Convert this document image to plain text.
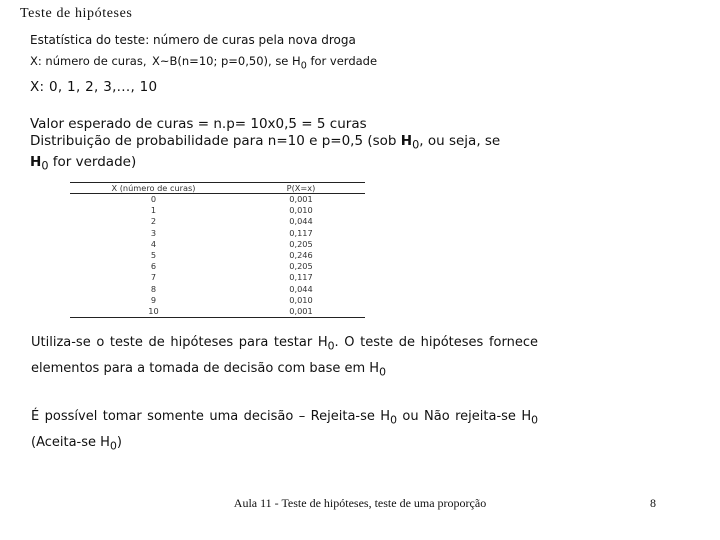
Teste de hipóteses
Estatística do teste: número de curas pela nova droga
X: número de curas, X~B(n=10; p=0,50), se $H_0$ for verdade
X: 0, 1, 2, 3,..., 10
Valor esperado de curas = n.p= 10x0,5 = 5 curas
Distribuição de probabilidade para n=10 e p=0,5 (sob $H_0$, ou seja, se $H_0$ for verdade)
X (número de curas)	P(X=x)
0	0,001
1	0,010
2	0,044
3	0,117
4	0,205
5	0,246
6	0,205
7	0,117
8	0,044
9	0,010
10	0,001
Utiliza-se o teste de hipóteses para testar $H_0$. O teste de hipóteses fornece
elementos para a tomada de decisão com base em $H_0$
É possível tomar somente uma decisão – Rejeita-se $H_0$ ou Não rejeita-se $H_0$
(Aceita-se $H_0$)
Aula 11 - Teste de hipóteses, teste de uma proporção	8
